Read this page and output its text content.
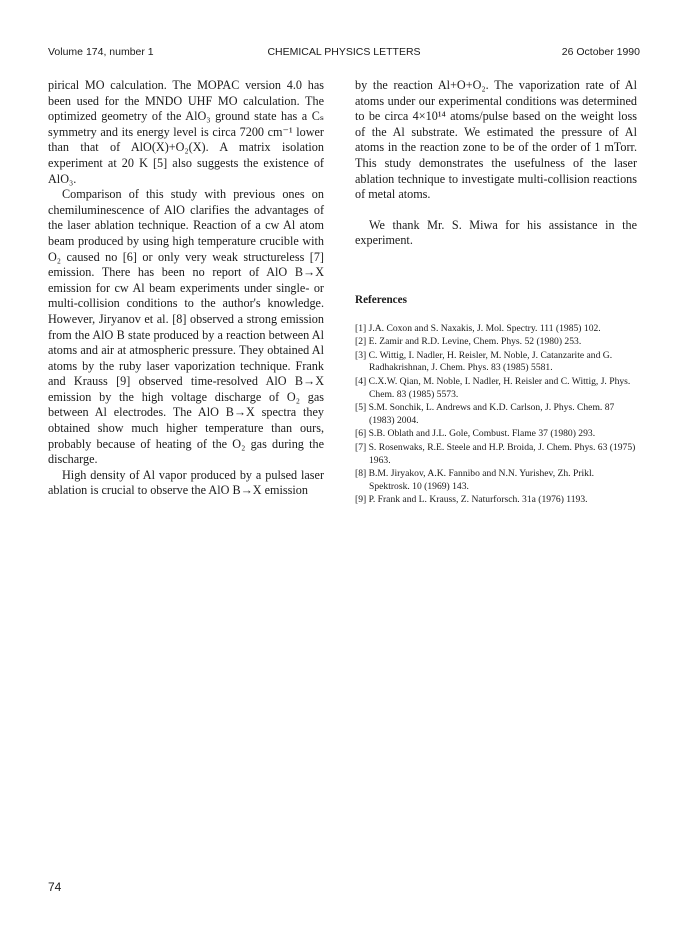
Volume 174, number 1	CHEMICAL PHYSICS LETTERS	26 October 1990

pirical MO calculation. The MOPAC version 4.0 has been used for the MNDO UHF MO calculation. The optimized geometry of the AlO₃ ground state has a Cₛ symmetry and its energy level is circa 7200 cm⁻¹ lower than that of AlO(X)+O₂(X). A matrix isolation experiment at 20 K [5] also suggests the existence of AlO₃.

Comparison of this study with previous ones on chemiluminescence of AlO clarifies the advantages of the laser ablation technique. Reaction of a cw Al atom beam produced by using high temperature crucible with O₂ caused no [6] or only very weak structureless [7] emission. There has been no report of AlO B→X emission for cw Al beam experiments under single- or multi-collision conditions to the author's knowledge. However, Jiryanov et al. [8] observed a strong emission from the AlO B state produced by a reaction between Al atoms and air at atmospheric pressure. They obtained Al atoms by the ruby laser vaporization technique. Frank and Krauss [9] observed time-resolved AlO B→X emission by the high voltage discharge of O₂ gas between Al electrodes. The AlO B→X spectra they obtained show much higher temperature than ours, probably because of heating of the O₂ gas during the discharge.

High density of Al vapor produced by a pulsed laser ablation is crucial to observe the AlO B→X emission

by the reaction Al+O+O₂. The vaporization rate of Al atoms under our experimental conditions was determined to be circa 4×10¹⁴ atoms/pulse based on the weight loss of the Al substrate. We estimated the pressure of Al atoms in the reaction zone to be of the order of 1 mTorr. This study demonstrates the usefulness of the laser ablation technique to investigate multi-collision reactions of metal atoms.

We thank Mr. S. Miwa for his assistance in the experiment.

References
[1] J.A. Coxon and S. Naxakis, J. Mol. Spectry. 111 (1985) 102.
[2] E. Zamir and R.D. Levine, Chem. Phys. 52 (1980) 253.
[3] C. Wittig, I. Nadler, H. Reisler, M. Noble, J. Catanzarite and G. Radhakrishnan, J. Chem. Phys. 83 (1985) 5581.
[4] C.X.W. Qian, M. Noble, I. Nadler, H. Reisler and C. Wittig, J. Phys. Chem. 83 (1985) 5573.
[5] S.M. Sonchik, L. Andrews and K.D. Carlson, J. Phys. Chem. 87 (1983) 2004.
[6] S.B. Oblath and J.L. Gole, Combust. Flame 37 (1980) 293.
[7] S. Rosenwaks, R.E. Steele and H.P. Broida, J. Chem. Phys. 63 (1975) 1963.
[8] B.M. Jiryakov, A.K. Fannibo and N.N. Yurishev, Zh. Prikl. Spektrosk. 10 (1969) 143.
[9] P. Frank and L. Krauss, Z. Naturforsch. 31a (1976) 1193.
74
